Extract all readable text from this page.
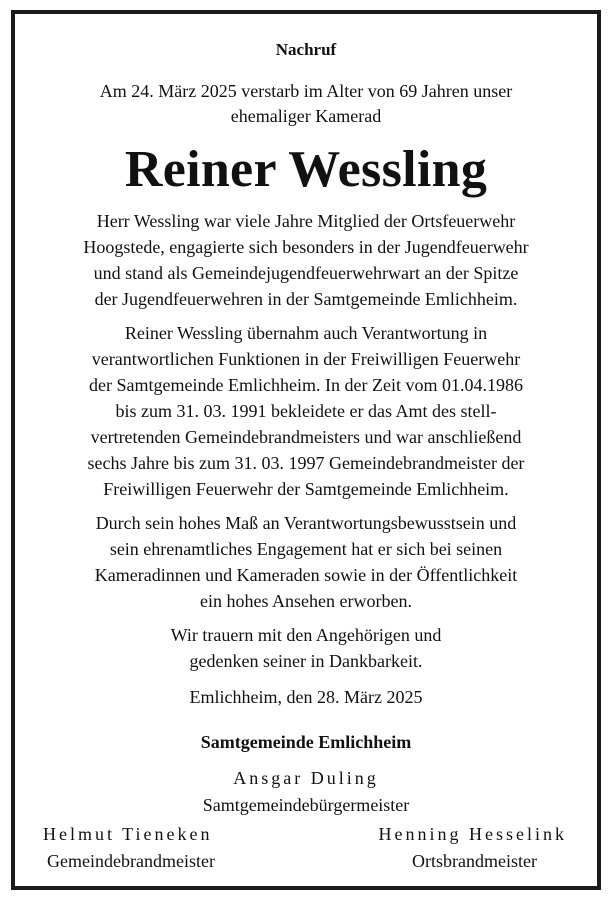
Nachruf
Am 24. März 2025 verstarb im Alter von 69 Jahren unser
ehemaliger Kamerad
Reiner Wessling
Herr Wessling war viele Jahre Mitglied der Ortsfeuerwehr
Hoogstede, engagierte sich besonders in der Jugendfeuerwehr
und stand als Gemeindejugendfeuerwehrwart an der Spitze
der Jugendfeuerwehren in der Samtgemeinde Emlichheim.
Reiner Wessling übernahm auch Verantwortung in
verantwortlichen Funktionen in der Freiwilligen Feuerwehr
der Samtgemeinde Emlichheim. In der Zeit vom 01.04.1986
bis zum 31. 03. 1991 bekleidete er das Amt des stell-
vertretenden Gemeindebrandmeisters und war anschließend
sechs Jahre bis zum 31. 03. 1997 Gemeindebrandmeister der
Freiwilligen Feuerwehr der Samtgemeinde Emlichheim.
Durch sein hohes Maß an Verantwortungsbewusstsein und
sein ehrenamtliches Engagement hat er sich bei seinen
Kameradinnen und Kameraden sowie in der Öffentlichkeit
ein hohes Ansehen erworben.
Wir trauern mit den Angehörigen und
gedenken seiner in Dankbarkeit.
Emlichheim, den 28. März 2025
Samtgemeinde Emlichheim
Ansgar Duling
Samtgemeindebürgermeister
Helmut Tieneken
Gemeindebrandmeister
Henning Hesselink
Ortsbrandmeister
